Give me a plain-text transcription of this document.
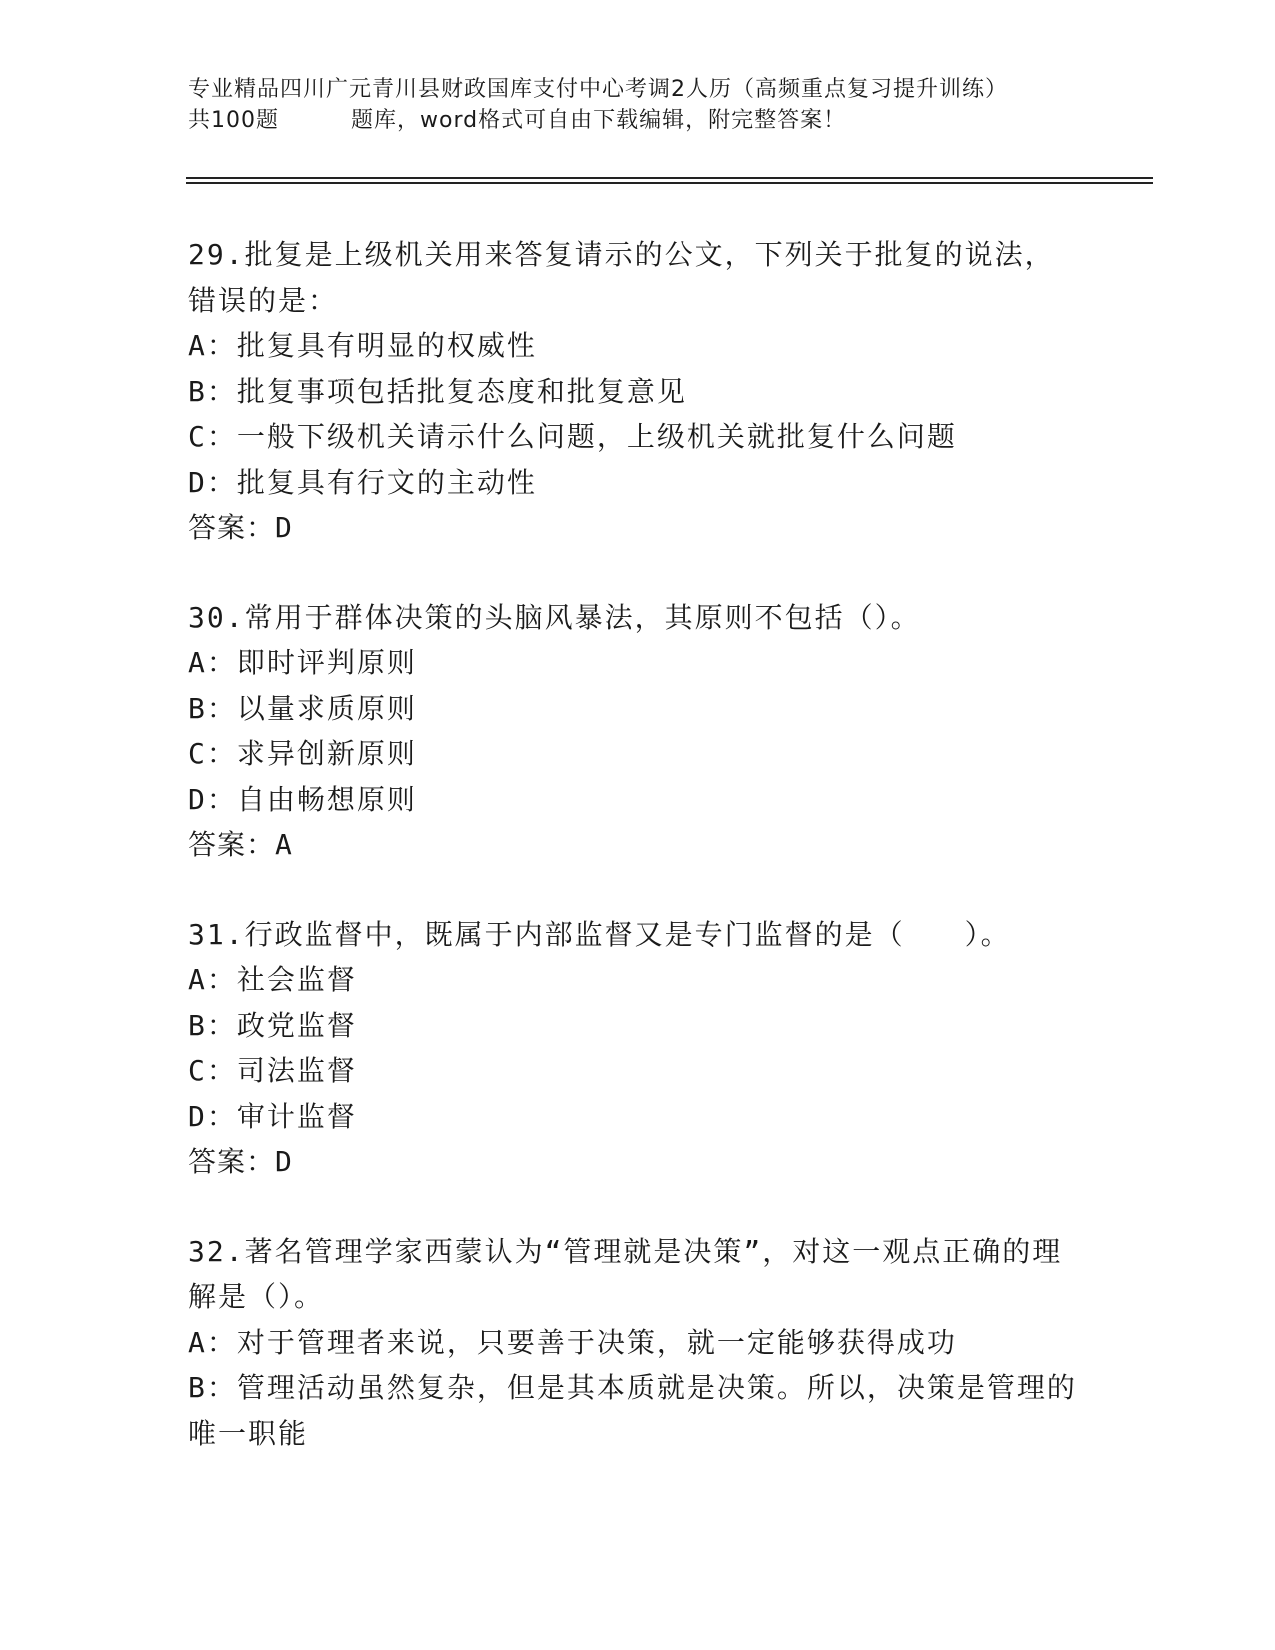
专业精品四川广元青川县财政国库支付中心考调2人历（高频重点复习提升训练）
共100题	题库，word格式可自由下载编辑，附完整答案！

29.批复是上级机关用来答复请示的公文，下列关于批复的说法，错误的是：

A：批复具有明显的权威性

B：批复事项包括批复态度和批复意见

C：一般下级机关请示什么问题，上级机关就批复什么问题

D：批复具有行文的主动性

答案：D

30.常用于群体决策的头脑风暴法，其原则不包括（）。

A：即时评判原则

B：以量求质原则

C：求异创新原则

D：自由畅想原则

答案：A

31.行政监督中，既属于内部监督又是专门监督的是（　　）。

A：社会监督

B：政党监督

C：司法监督

D：审计监督

答案：D

32.著名管理学家西蒙认为“管理就是决策”，对这一观点正确的理解是（）。

A：对于管理者来说，只要善于决策，就一定能够获得成功

B：管理活动虽然复杂，但是其本质就是决策。所以，决策是管理的唯一职能
